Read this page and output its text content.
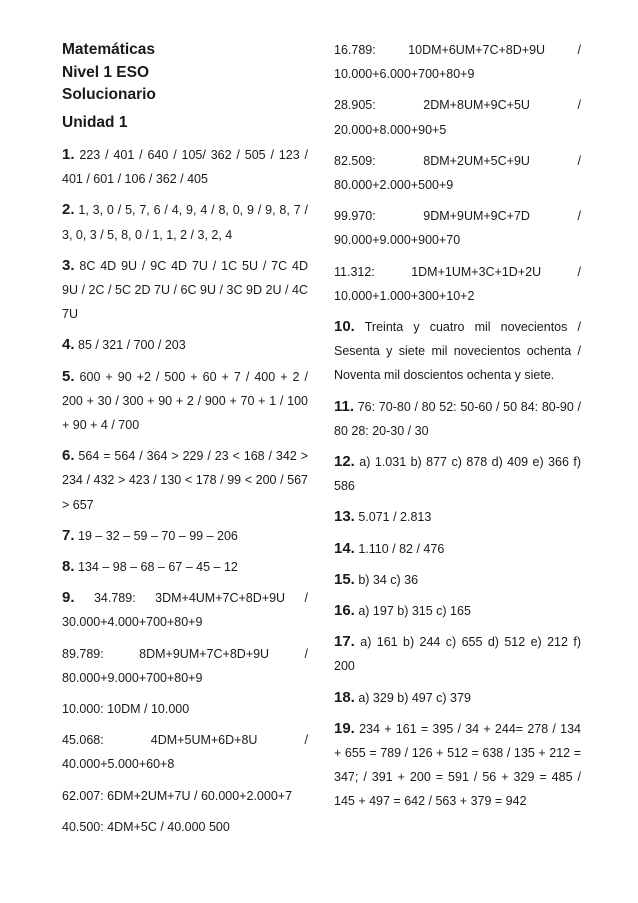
Matemáticas
Nivel 1 ESO
Solucionario
Unidad 1
1. 223 / 401 / 640 / 105/ 362 / 505 / 123 / 401 / 601 / 106 / 362 / 405
2. 1, 3, 0 / 5, 7, 6 / 4, 9, 4 / 8, 0, 9 / 9, 8, 7 / 3, 0, 3 / 5, 8, 0 / 1, 1, 2 / 3, 2, 4
3. 8C 4D 9U / 9C 4D 7U / 1C 5U / 7C 4D 9U / 2C / 5C 2D 7U / 6C 9U / 3C 9D 2U / 4C 7U
4. 85 / 321 / 700 / 203
5. 600 + 90 +2 / 500 + 60 + 7 / 400 + 2 / 200 + 30 / 300 + 90 + 2 / 900 + 70 + 1 / 100 + 90 + 4 / 700
6. 564 = 564 / 364 > 229 / 23 < 168 / 342 > 234 / 432 > 423 / 130 < 178 / 99 < 200 / 567 > 657
7. 19 – 32 – 59 – 70 – 99 – 206
8. 134 – 98 – 68 – 67 – 45 – 12
9. 34.789: 3DM+4UM+7C+8D+9U / 30.000+4.000+700+80+9
89.789: 8DM+9UM+7C+8D+9U / 80.000+9.000+700+80+9
10.000: 10DM / 10.000
45.068: 4DM+5UM+6D+8U / 40.000+5.000+60+8
62.007: 6DM+2UM+7U / 60.000+2.000+7
40.500: 4DM+5C / 40.000 500
16.789: 10DM+6UM+7C+8D+9U / 10.000+6.000+700+80+9
28.905: 2DM+8UM+9C+5U / 20.000+8.000+90+5
82.509: 8DM+2UM+5C+9U / 80.000+2.000+500+9
99.970: 9DM+9UM+9C+7D / 90.000+9.000+900+70
11.312: 1DM+1UM+3C+1D+2U / 10.000+1.000+300+10+2
10. Treinta y cuatro mil novecientos / Sesenta y siete mil novecientos ochenta / Noventa mil doscientos ochenta y siete.
11. 76: 70-80 / 80 52: 50-60 / 50 84: 80-90 / 80 28: 20-30 / 30
12. a) 1.031 b) 877 c) 878 d) 409 e) 366 f) 586
13. 5.071 / 2.813
14. 1.110 / 82 / 476
15. b) 34 c) 36
16. a) 197 b) 315 c) 165
17. a) 161 b) 244 c) 655 d) 512 e) 212 f) 200
18. a) 329 b) 497 c) 379
19. 234 + 161 = 395 / 34 + 244= 278 / 134 + 655 = 789 / 126 + 512 = 638 / 135 + 212 = 347; / 391 + 200 = 591 / 56 + 329 = 485 / 145 + 497 = 642 / 563 + 379 = 942
